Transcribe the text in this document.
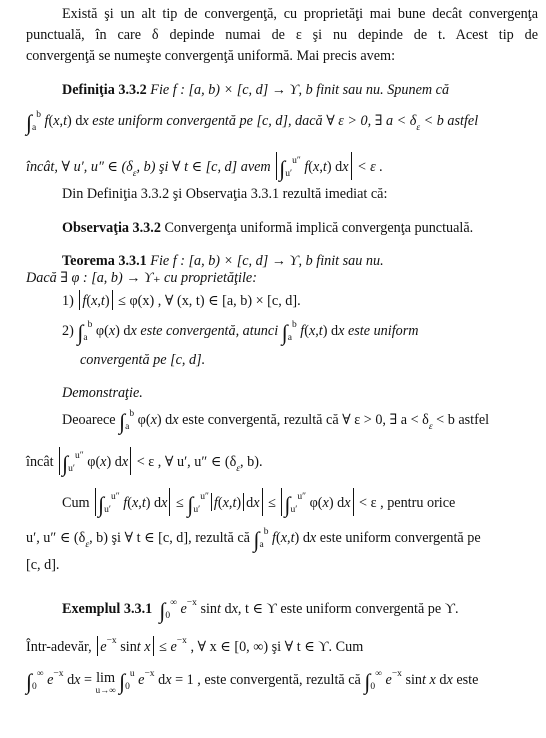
Există şi un alt tip de convergenţă, cu proprietăţi mai bune decât convergenţa
punctuală, în care δ depinde numai de ε şi nu depinde de t. Acest tip de
convergenţă se numeşte convergenţă uniformă. Mai precis avem:
Definiţia 3.3.2 Fie f : [a, b) × [c, d] → ϒ, b finit sau nu. Spunem că
$\int_a^b$ f(x,t) dx este uniform convergentă pe [c, d], dacă ∀ ε > 0, ∃ $a < \delta_\varepsilon < b$ astfel
încât, ∀ u′, u″ ∈ ($\delta_\varepsilon$, b) şi ∀ t ∈ [c, d] avem $\int_{u'}^{u''}$ f(x,t) dx < ε .
Din Definiţia 3.3.2 şi Observaţia 3.3.1 rezultă imediat că:
Observaţia 3.3.2 Convergenţa uniformă implică convergenţa punctuală.
Teorema 3.3.1 Fie f : [a, b) × [c, d] → ϒ, b finit sau nu.
Dacă ∃ φ : [a, b) → ϒ₊ cu proprietăţile:
1) f(x,t) ≤ φ(x) , ∀ (x, t) ∈ [a, b) × [c, d].
2) $\int_a^b$ φ(x) dx este convergentă, atunci $\int_a^b$ f(x,t) dx este uniform
convergentă pe [c, d].
Demonstraţie.
Deoarece $\int_a^b$ φ(x) dx este convergentă, rezultă că ∀ ε > 0, ∃ $a < \delta_\varepsilon < b$ astfel
încât $\int_{u'}^{u''}$ φ(x) dx < ε , ∀ u′, u″ ∈ ($\delta_\varepsilon$, b).
Cum $\int_{u'}^{u''}$ f(x,t) dx ≤ $\int_{u'}^{u''}$ f(x,t) dx ≤ $\int_{u'}^{u''}$ φ(x) dx < ε , pentru orice
u′, u″ ∈ ($\delta_\varepsilon$, b) şi ∀ t ∈ [c, d], rezultă că $\int_a^b$ f(x,t) dx este uniform convergentă pe
[c, d].
Exemplul 3.3.1 $\int_0^\infty$ $e^{-x}$ sint dx, t ∈ ϒ este uniform convergentă pe ϒ.
Într-adevăr, $e^{-x}$ sint $x \le e^{-x}$ , ∀ x ∈ [0, ∞) şi ∀ t ∈ ϒ. Cum
$\int_0^\infty$ $e^{-x}$ dx = lim
u→∞ $\int_0^u$ $e^{-x}$ dx = 1 , este convergentă, rezultă că $\int_0^\infty$ $e^{-x}$ sint x dx este
